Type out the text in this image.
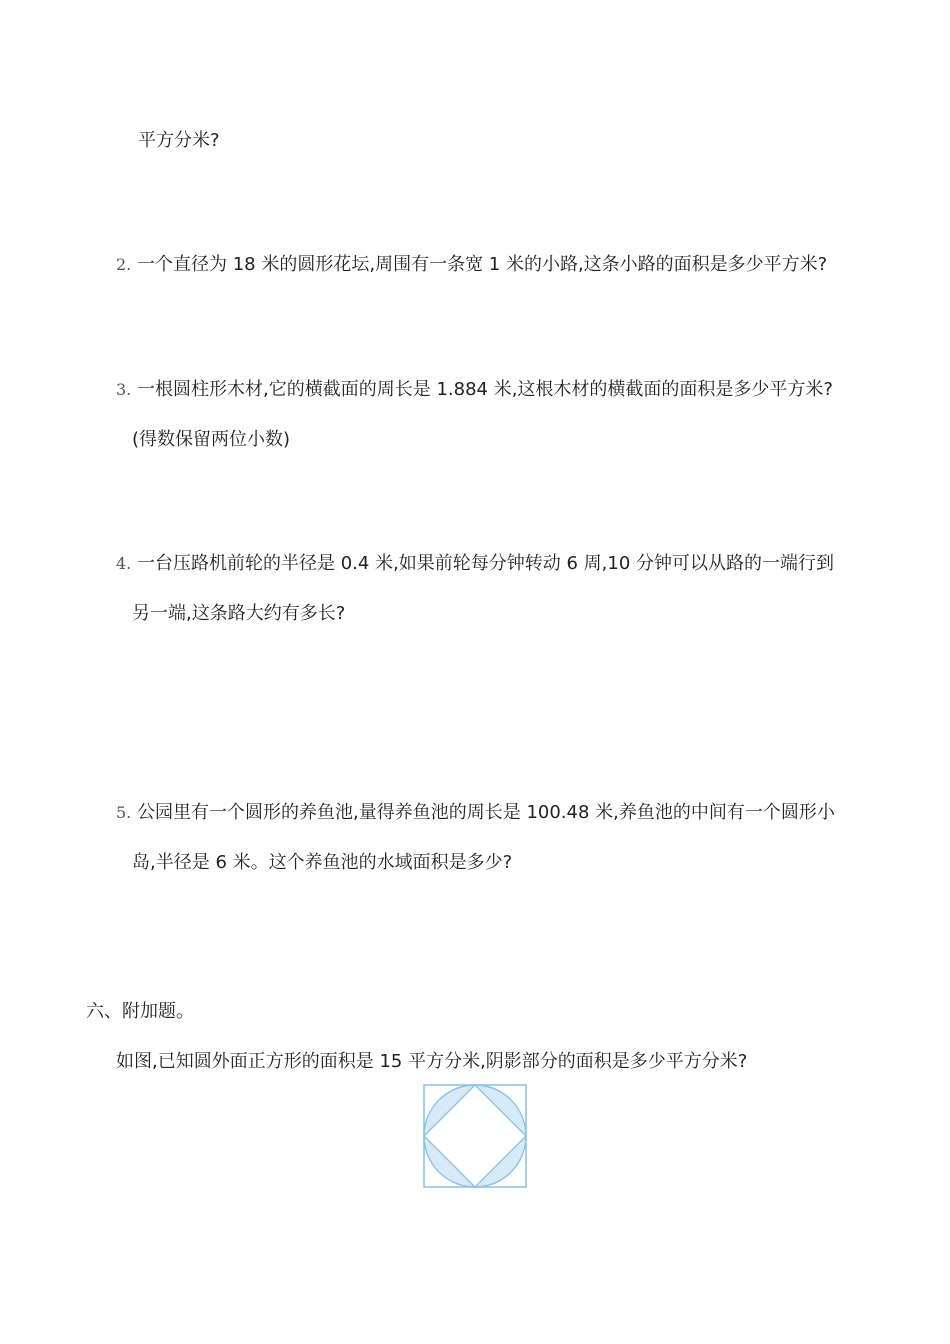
平方分米?
2. 一个直径为 18 米的圆形花坛,周围有一条宽 1 米的小路,这条小路的面积是多少平方米?
3. 一根圆柱形木材,它的横截面的周长是 1.884 米,这根木材的横截面的面积是多少平方米?
(得数保留两位小数)
4. 一台压路机前轮的半径是 0.4 米,如果前轮每分钟转动 6 周,10 分钟可以从路的一端行到
另一端,这条路大约有多长?
5. 公园里有一个圆形的养鱼池,量得养鱼池的周长是 100.48 米,养鱼池的中间有一个圆形小
岛,半径是 6 米。这个养鱼池的水域面积是多少?
六、附加题。
如图,已知圆外面正方形的面积是 15 平方分米,阴影部分的面积是多少平方分米?
